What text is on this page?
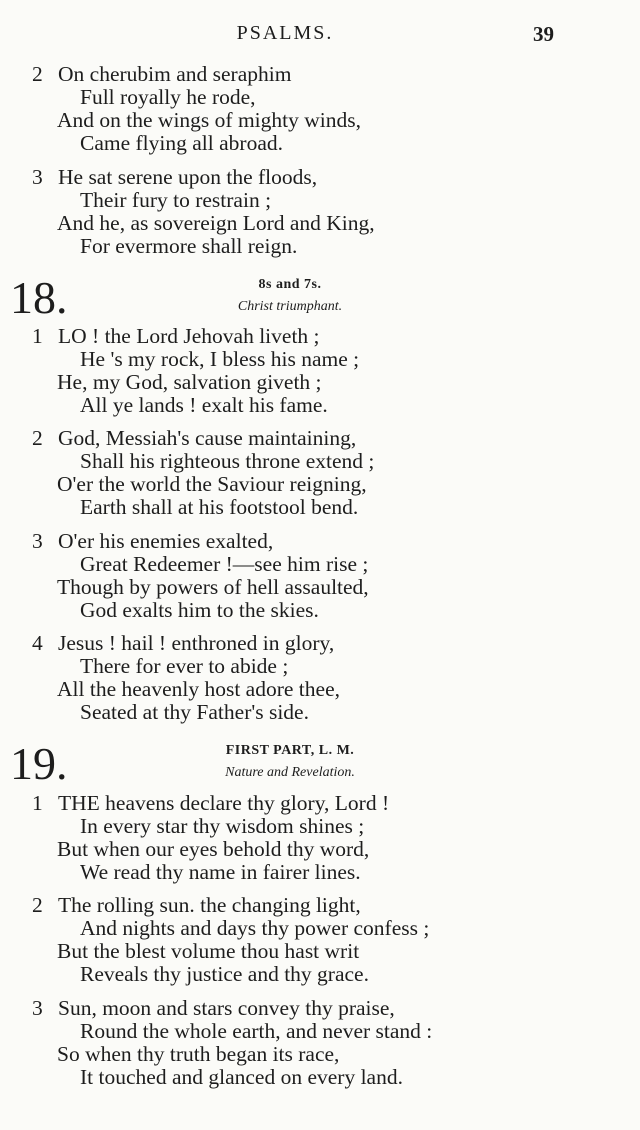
PSALMS.	39
2 On cherubim and seraphim
Full royally he rode,
And on the wings of mighty winds,
Came flying all abroad.
3 He sat serene upon the floods,
Their fury to restrain ;
And he, as sovereign Lord and King,
For evermore shall reign.
18.	8s and 7s.
Christ triumphant.
1 LO ! the Lord Jehovah liveth ;
He 's my rock, I bless his name ;
He, my God, salvation giveth ;
All ye lands ! exalt his fame.
2 God, Messiah's cause maintaining,
Shall his righteous throne extend ;
O'er the world the Saviour reigning,
Earth shall at his footstool bend.
3 O'er his enemies exalted,
Great Redeemer !—see him rise ;
Though by powers of hell assaulted,
God exalts him to the skies.
4 Jesus ! hail ! enthroned in glory,
There for ever to abide ;
All the heavenly host adore thee,
Seated at thy Father's side.
19.	FIRST PART, L. M.
Nature and Revelation.
1 THE heavens declare thy glory, Lord !
In every star thy wisdom shines ;
But when our eyes behold thy word,
We read thy name in fairer lines.
2 The rolling sun. the changing light,
And nights and days thy power confess ;
But the blest volume thou hast writ
Reveals thy justice and thy grace.
3 Sun, moon and stars convey thy praise,
Round the whole earth, and never stand :
So when thy truth began its race,
It touched and glanced on every land.
